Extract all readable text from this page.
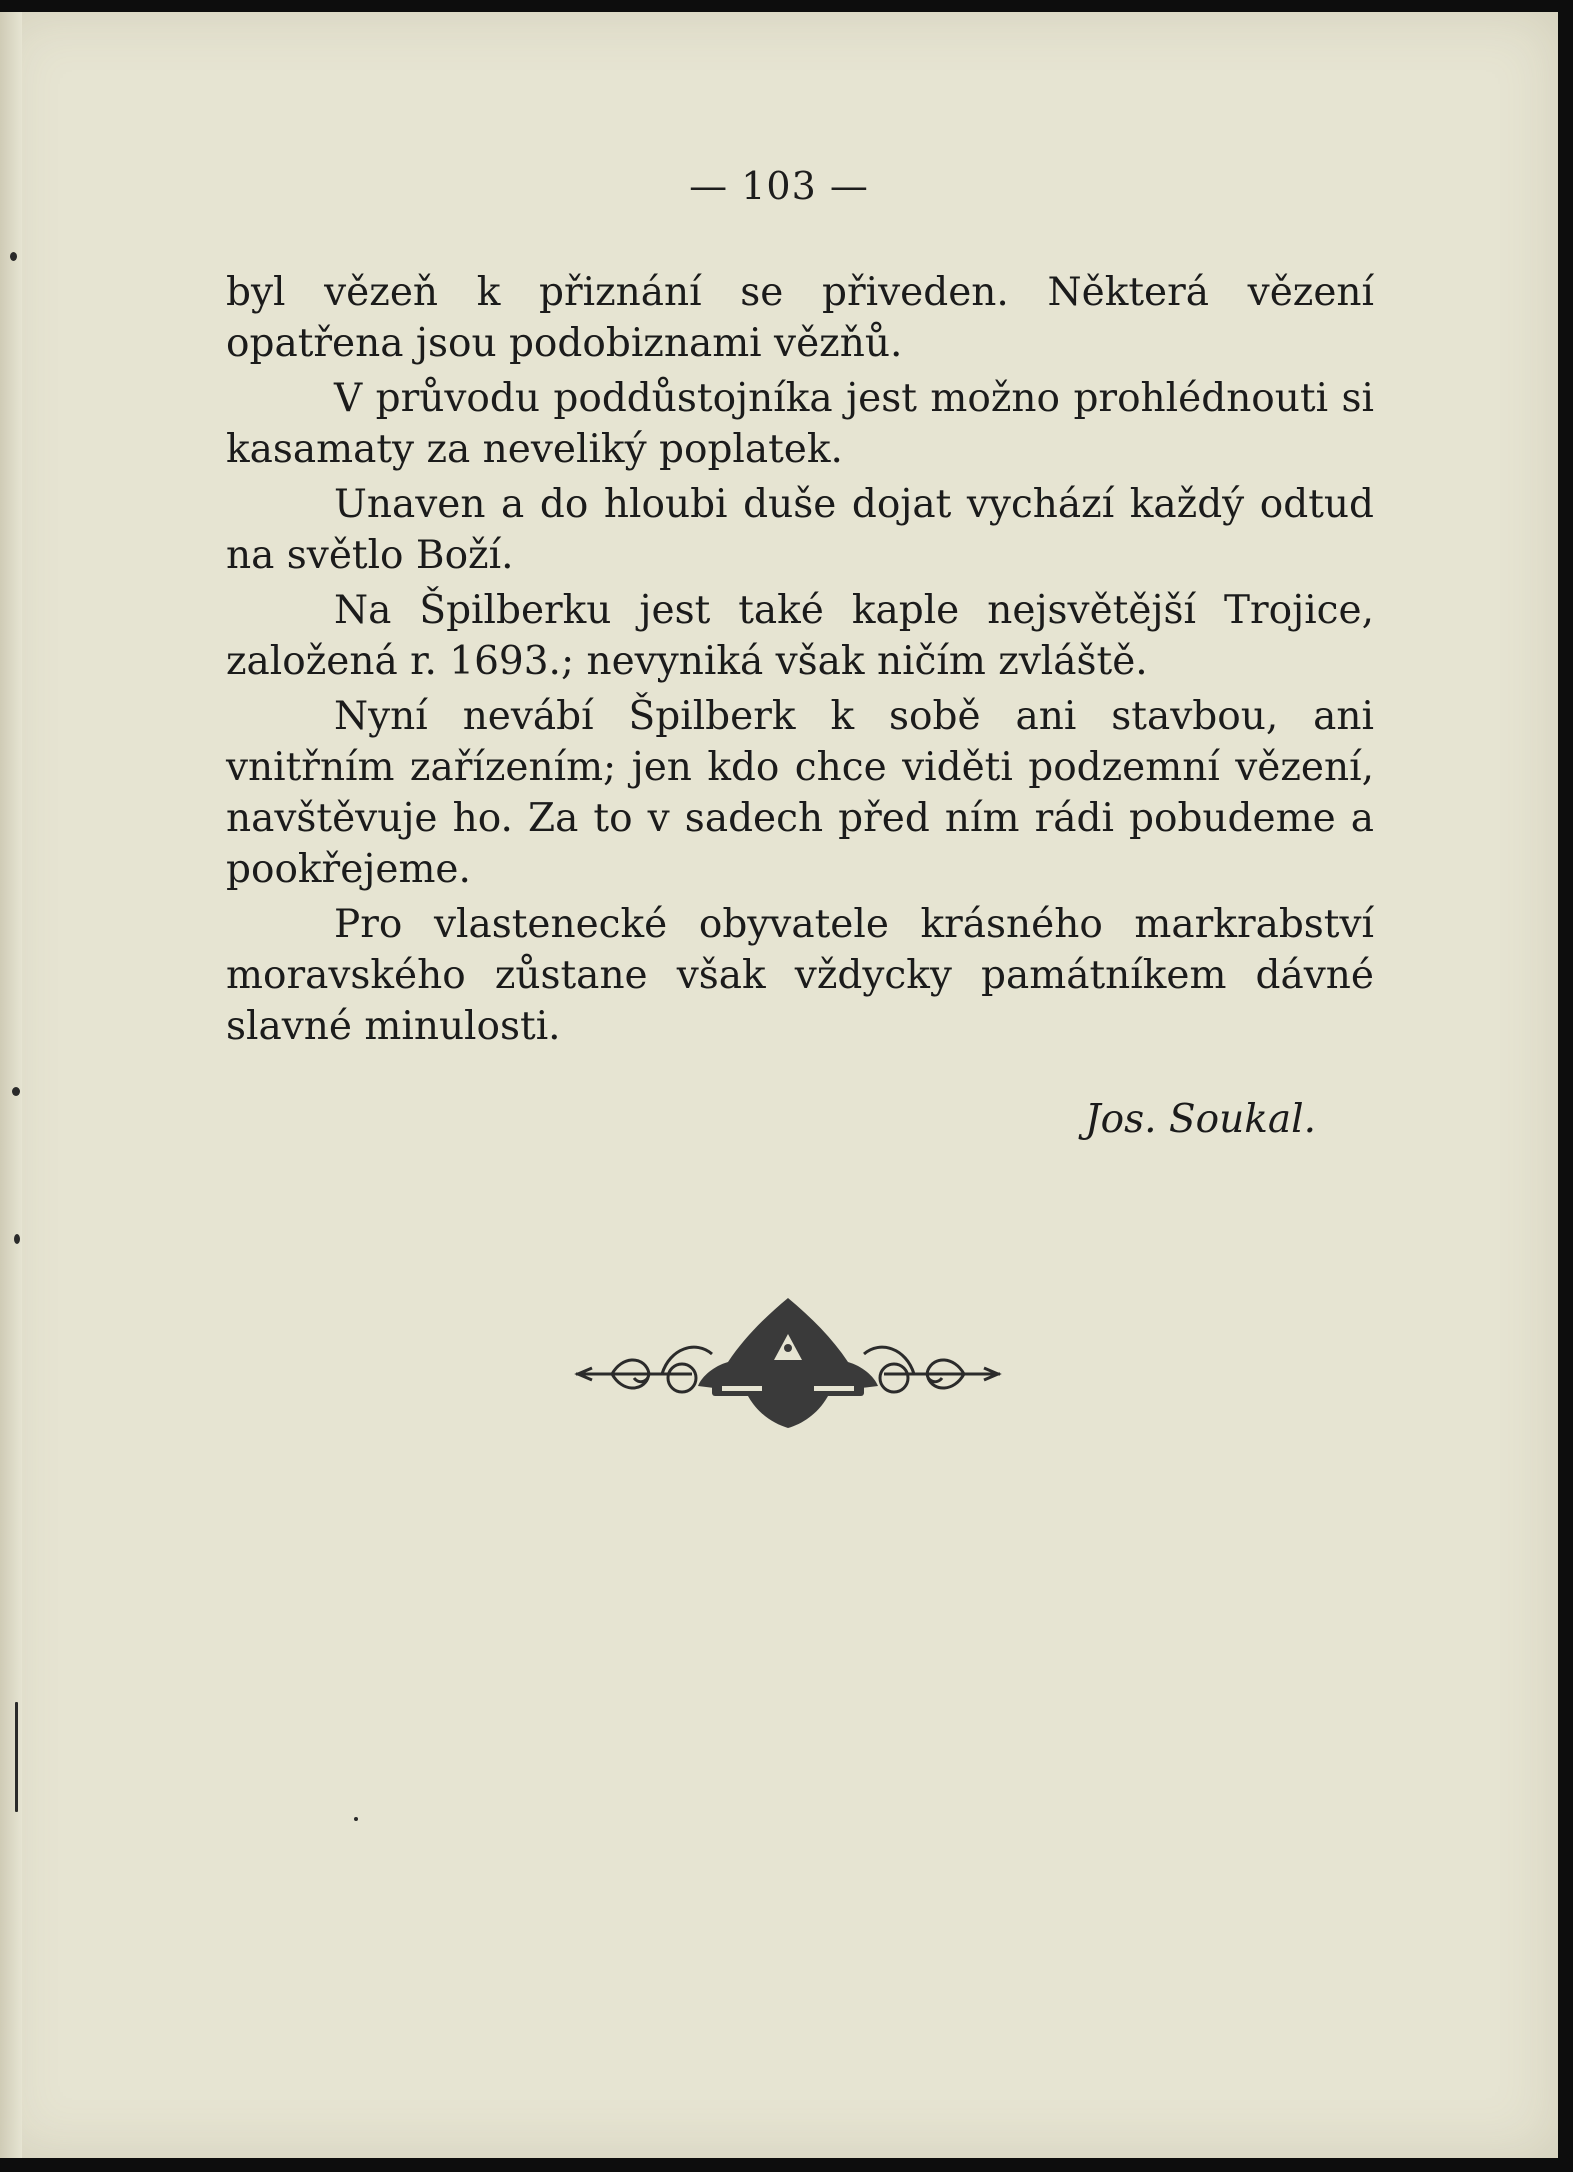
— 103 —

byl vězeň k přiznání se přiveden. Některá vězení opatřena jsou podobiznami vězňů.

V průvodu poddůstojníka jest možno prohlédnouti si kasamaty za neveliký poplatek.

Unaven a do hloubi duše dojat vychází každý odtud na světlo Boží.

Na Špilberku jest také kaple nejsvětější Trojice, založená r. 1693.; nevyniká však ničím zvláště.

Nyní nevábí Špilberk k sobě ani stavbou, ani vnitřním zařízením; jen kdo chce viděti podzemní vězení, navštěvuje ho. Za to v sadech před ním rádi pobudeme a pookřejeme.

Pro vlastenecké obyvatele krásného markrabství moravského zůstane však vždycky památníkem dávné slavné minulosti.

Jos. Soukal.
